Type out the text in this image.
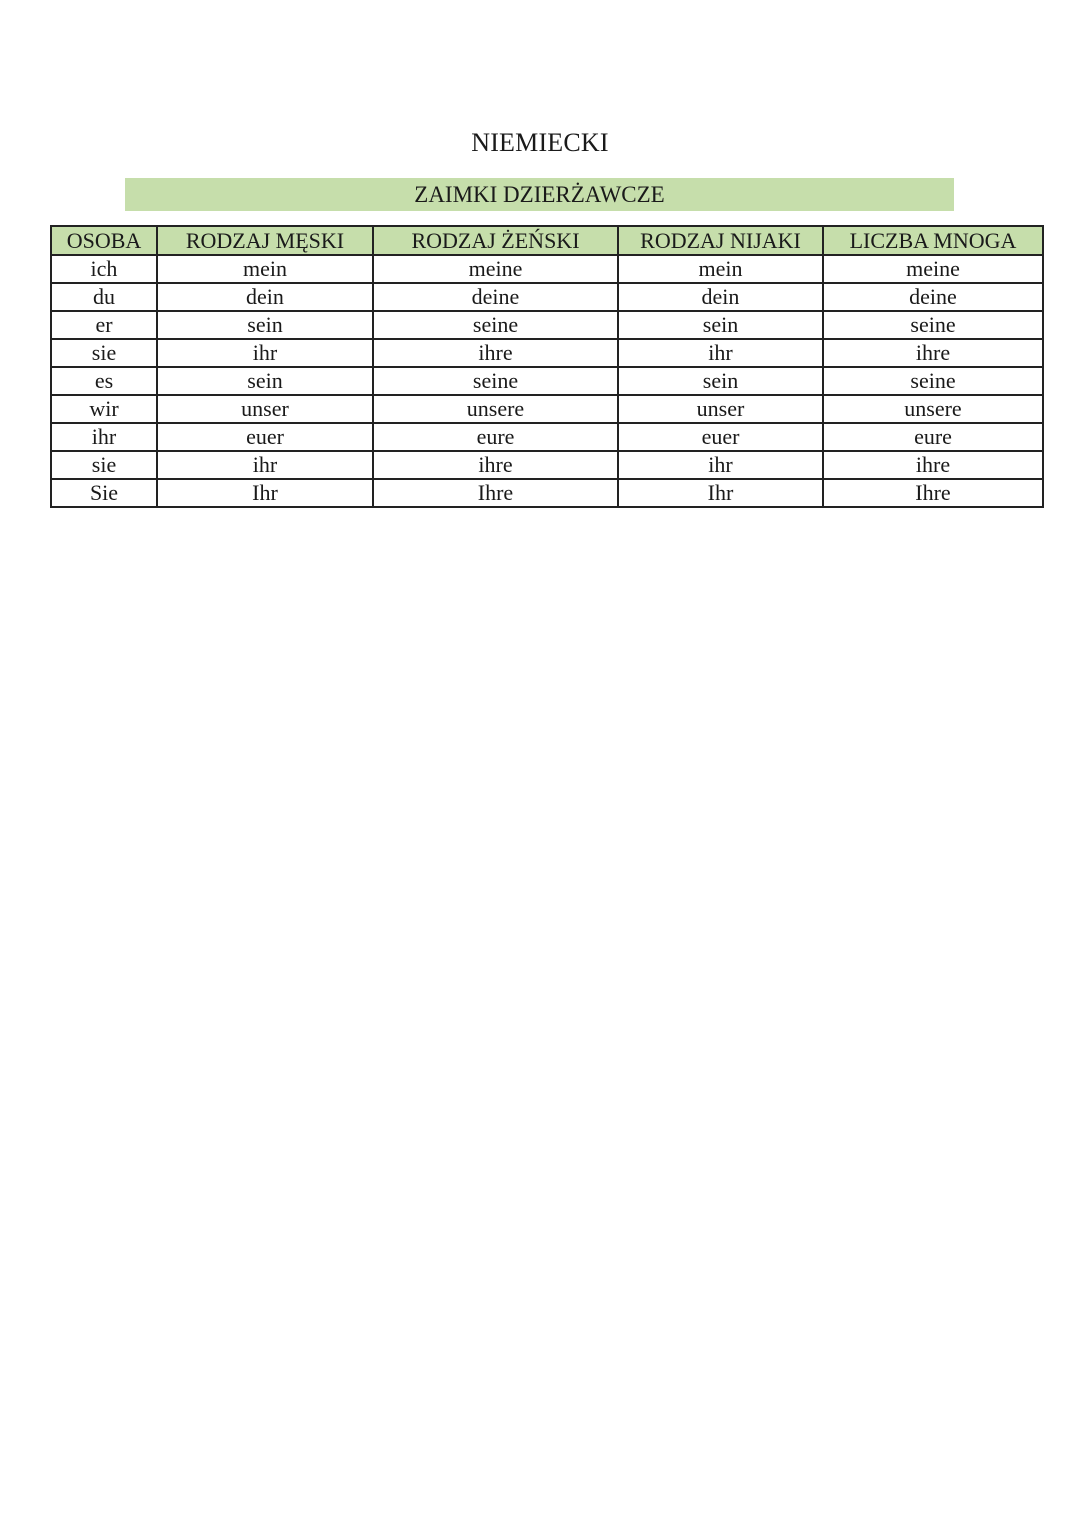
NIEMIECKI
ZAIMKI DZIERŻAWCZE
OSOBA	RODZAJ MĘSKI	RODZAJ ŻEŃSKI	RODZAJ NIJAKI	LICZBA MNOGA
ich	mein	meine	mein	meine
du	dein	deine	dein	deine
er	sein	seine	sein	seine
sie	ihr	ihre	ihr	ihre
es	sein	seine	sein	seine
wir	unser	unsere	unser	unsere
ihr	euer	eure	euer	eure
sie	ihr	ihre	ihr	ihre
Sie	Ihr	Ihre	Ihr	Ihre
